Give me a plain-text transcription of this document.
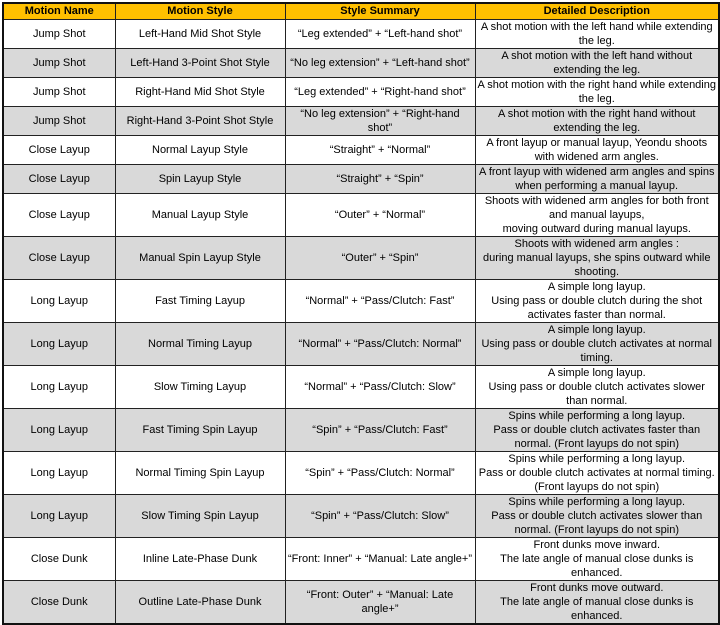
Motion Name	Motion Style	Style Summary	Detailed Description
Jump Shot	Left-Hand Mid Shot Style	“Leg extended” + “Left-hand shot”	A shot motion with the left hand while extending the leg.
Jump Shot	Left-Hand 3-Point Shot Style	“No leg extension” + “Left-hand shot”	A shot motion with the left hand without extending the leg.
Jump Shot	Right-Hand Mid Shot Style	“Leg extended” + “Right-hand shot”	A shot motion with the right hand while extending the leg.
Jump Shot	Right-Hand 3-Point Shot Style	“No leg extension” + “Right-hand shot”	A shot motion with the right hand without extending the leg.
Close Layup	Normal Layup Style	“Straight” + “Normal”	A front layup or manual layup, Yeondu shoots with widened arm angles.
Close Layup	Spin Layup Style	“Straight” + “Spin”	A front layup with widened arm angles and spins when performing a manual layup.
Close Layup	Manual Layup Style	“Outer” + “Normal”	Shoots with widened arm angles for both front and manual layups,
moving outward during manual layups.
Close Layup	Manual Spin Layup Style	“Outer” + “Spin”	Shoots with widened arm angles :
during manual layups, she spins outward while shooting.
Long Layup	Fast Timing Layup	“Normal” + “Pass/Clutch: Fast”	A simple long layup.
Using pass or double clutch during the shot activates faster than normal.
Long Layup	Normal Timing Layup	“Normal” + “Pass/Clutch: Normal”	A simple long layup.
Using pass or double clutch activates at normal timing.
Long Layup	Slow Timing Layup	“Normal” + “Pass/Clutch: Slow”	A simple long layup.
Using pass or double clutch activates slower than normal.
Long Layup	Fast Timing Spin Layup	“Spin” + “Pass/Clutch: Fast”	Spins while performing a long layup.
Pass or double clutch activates faster than normal. (Front layups do not spin)
Long Layup	Normal Timing Spin Layup	“Spin” + “Pass/Clutch: Normal”	Spins while performing a long layup.
Pass or double clutch activates at normal timing.
(Front layups do not spin)
Long Layup	Slow Timing Spin Layup	“Spin” + “Pass/Clutch: Slow”	Spins while performing a long layup.
Pass or double clutch activates slower than normal. (Front layups do not spin)
Close Dunk	Inline Late-Phase Dunk	“Front: Inner” + “Manual: Late angle+”	Front dunks move inward.
The late angle of manual close dunks is enhanced.
Close Dunk	Outline Late-Phase Dunk	“Front: Outer” + “Manual: Late angle+”	Front dunks move outward.
The late angle of manual close dunks is enhanced.
